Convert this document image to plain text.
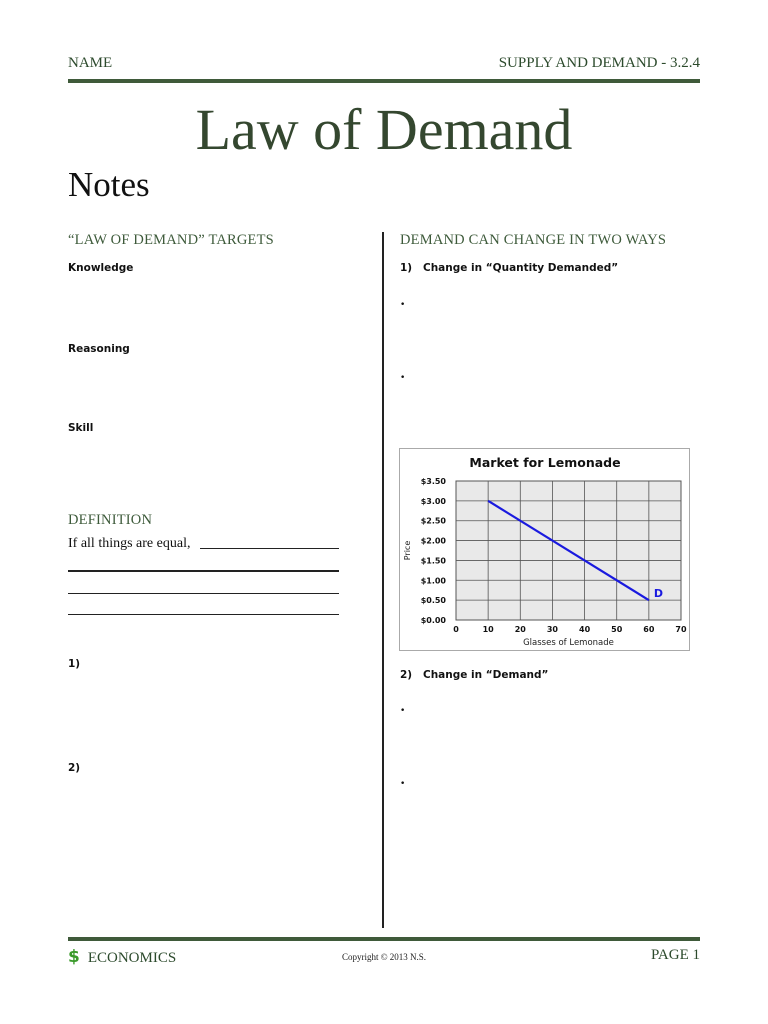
NAME	SUPPLY AND DEMAND - 3.2.4
Law of Demand
Notes
“LAW OF DEMAND” TARGETS
Knowledge
Reasoning
Skill
DEFINITION
If all things are equal,
1)
2)
DEMAND CAN CHANGE IN TWO WAYS
1) Change in “Quantity Demanded”
•
•
0	10	20	30	40	50	60	70
$0.00
$0.50
$1.00
$1.50
$2.00
$2.50
$3.00
$3.50
Market for Lemonade
Glasses of Lemonade
Price
D
2) Change in “Demand”
•
•
$ ECONOMICS	Copyright © 2013 N.S.	PAGE 1
